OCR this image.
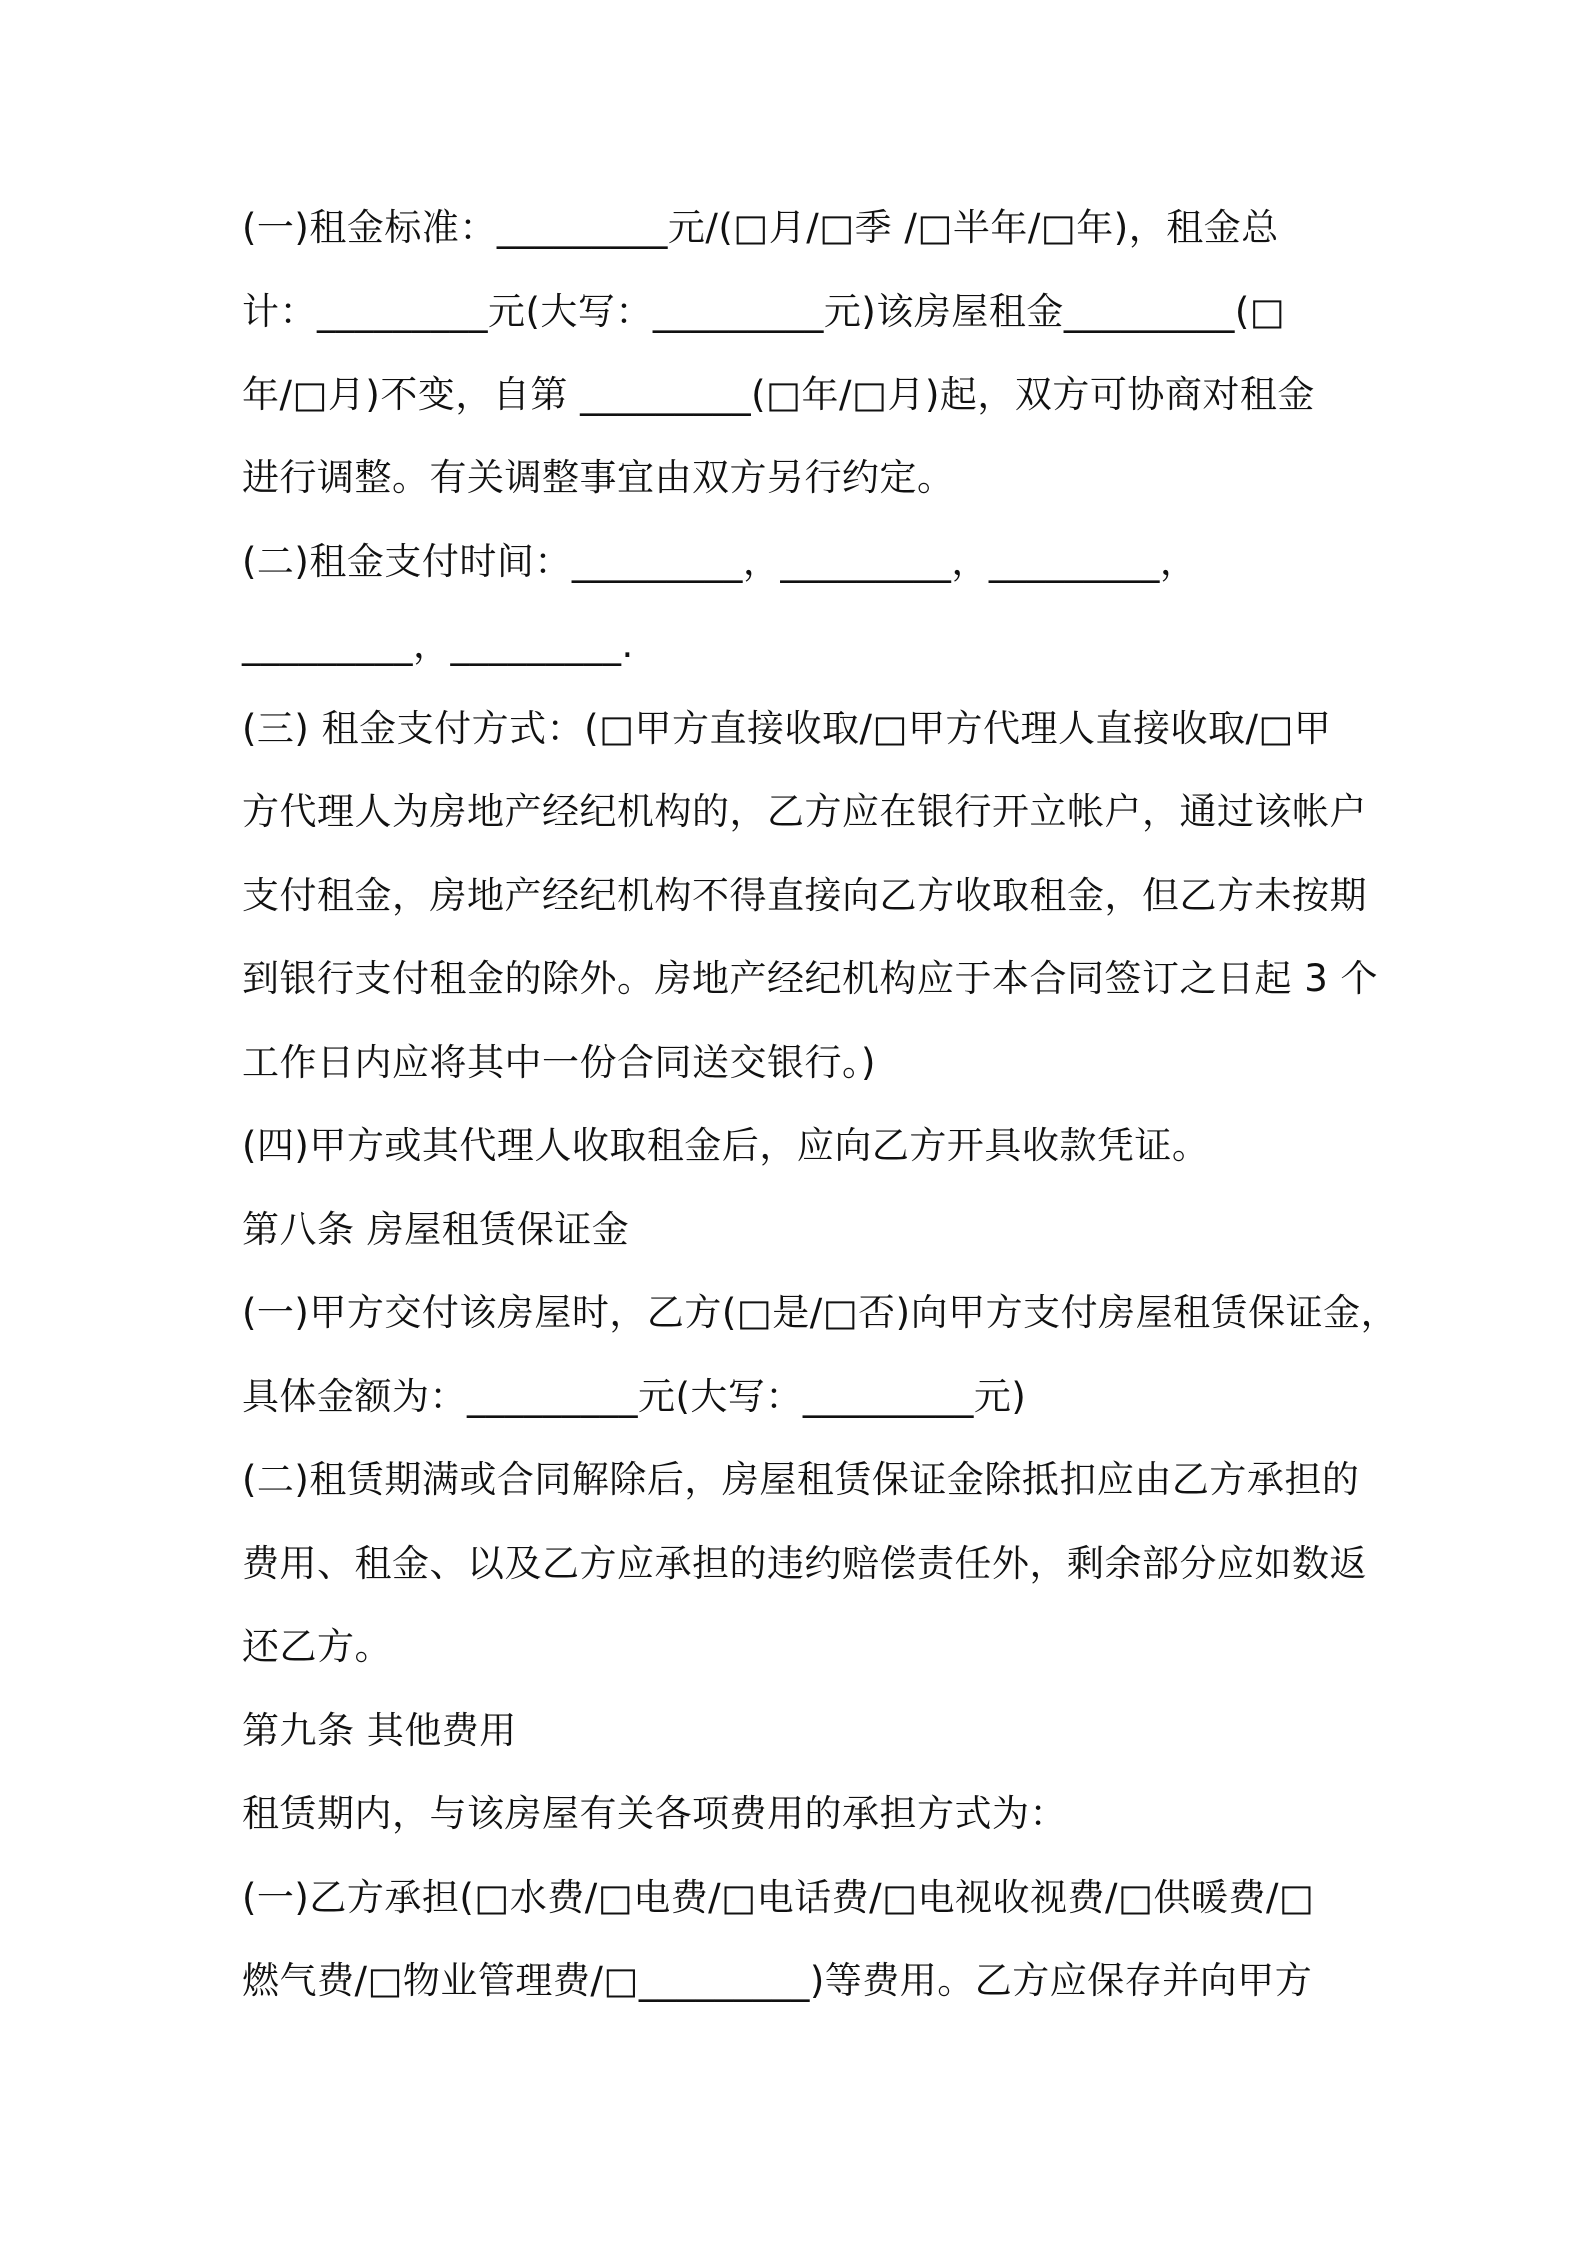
(一)租金标准：_________元/(□月/□季 /□半年/□年)，租金总
计：_________元(大写：_________元)该房屋租金_________(□
年/□月)不变，自第 _________(□年/□月)起，双方可协商对租金
进行调整。有关调整事宜由双方另行约定。
(二)租金支付时间：_________，_________，_________，
_________，_________.
(三) 租金支付方式：(□甲方直接收取/□甲方代理人直接收取/□甲
方代理人为房地产经纪机构的，乙方应在银行开立帐户，通过该帐户
支付租金，房地产经纪机构不得直接向乙方收取租金，但乙方未按期
到银行支付租金的除外。房地产经纪机构应于本合同签订之日起 3 个
工作日内应将其中一份合同送交银行。)
(四)甲方或其代理人收取租金后，应向乙方开具收款凭证。
第八条 房屋租赁保证金
(一)甲方交付该房屋时，乙方(□是/□否)向甲方支付房屋租赁保证金，
具体金额为：_________元(大写：_________元)
(二)租赁期满或合同解除后，房屋租赁保证金除抵扣应由乙方承担的
费用、租金、以及乙方应承担的违约赔偿责任外，剩余部分应如数返
还乙方。
第九条 其他费用
租赁期内，与该房屋有关各项费用的承担方式为：
(一)乙方承担(□水费/□电费/□电话费/□电视收视费/□供暖费/□
燃气费/□物业管理费/□_________)等费用。乙方应保存并向甲方
